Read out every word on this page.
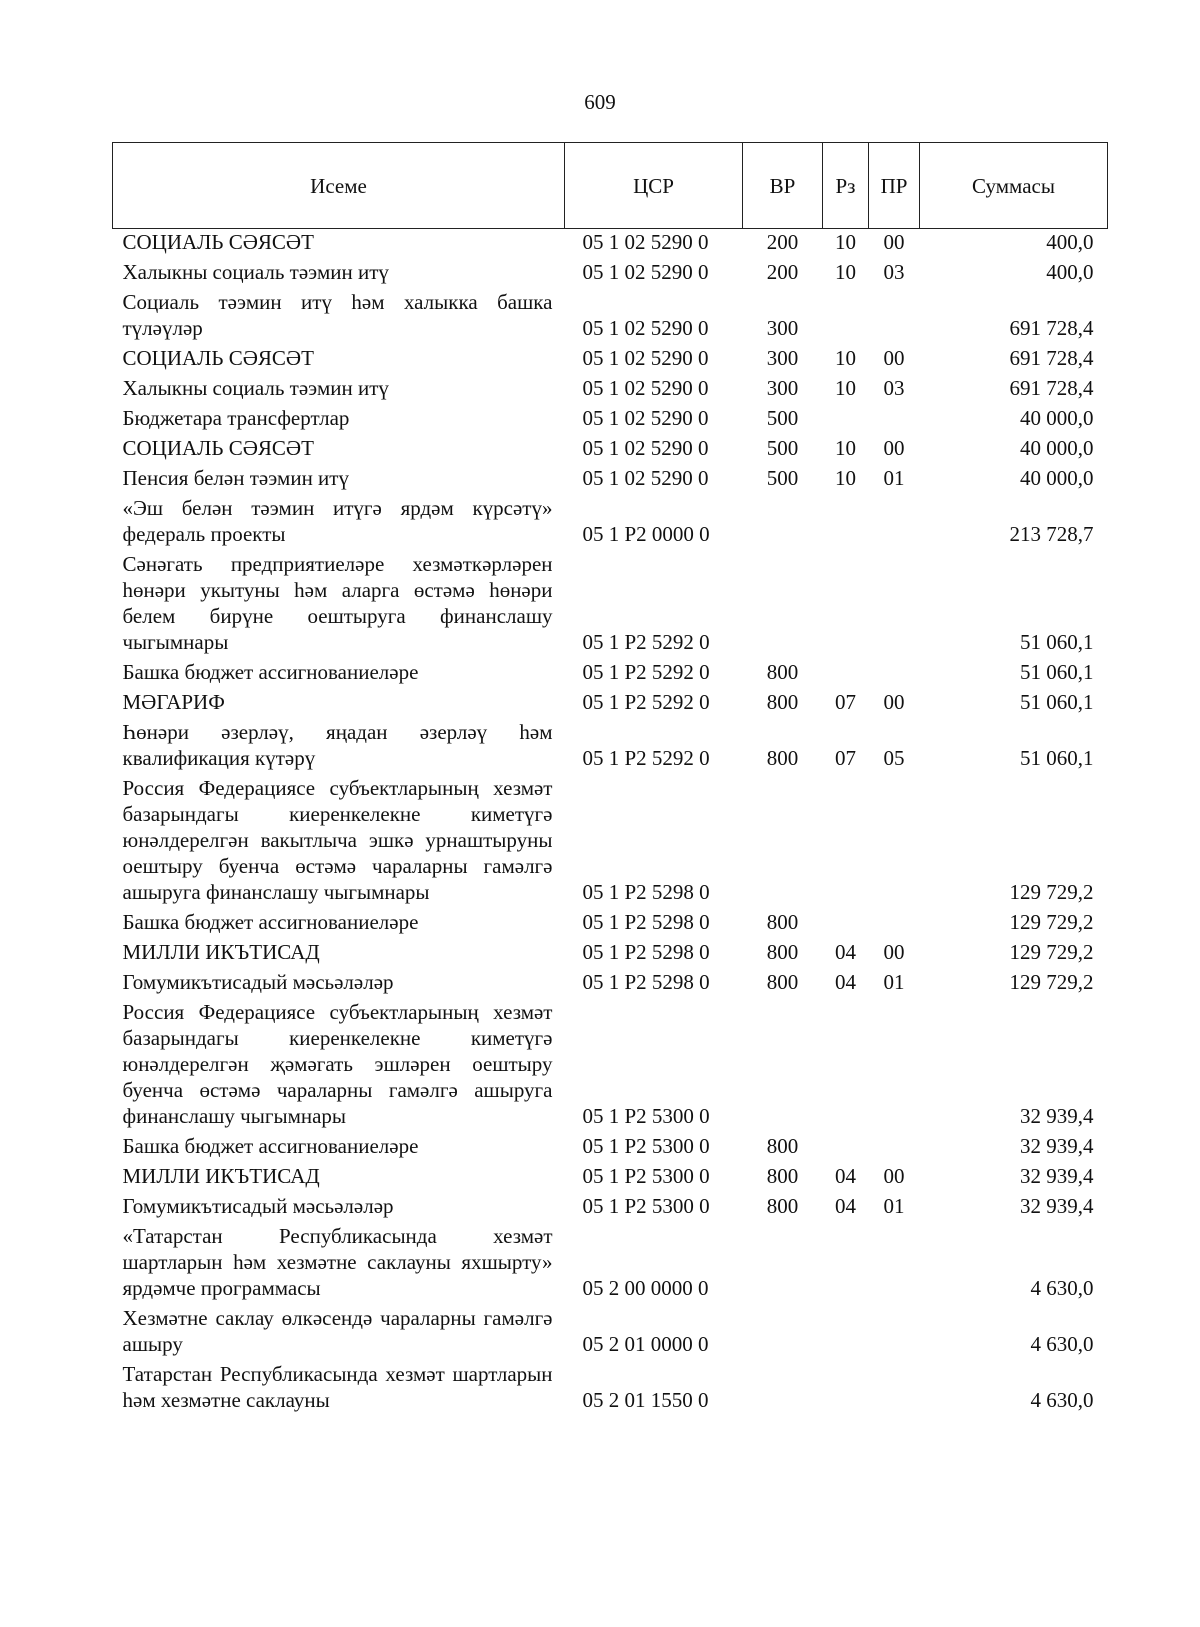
609
Исеме	ЦСР	ВР	Рз	ПР	Суммасы
СОЦИАЛЬ СӘЯСӘТ	05 1 02 5290 0	200	10	00	400,0
Халыкны социаль тәэмин итү	05 1 02 5290 0	200	10	03	400,0
Социаль тәэмин итү һәм халыкка башка түләүләр	05 1 02 5290 0	300			691 728,4
СОЦИАЛЬ СӘЯСӘТ	05 1 02 5290 0	300	10	00	691 728,4
Халыкны социаль тәэмин итү	05 1 02 5290 0	300	10	03	691 728,4
Бюджетара трансфертлар	05 1 02 5290 0	500			40 000,0
СОЦИАЛЬ СӘЯСӘТ	05 1 02 5290 0	500	10	00	40 000,0
Пенсия белән тәэмин итү	05 1 02 5290 0	500	10	01	40 000,0
«Эш белән тәэмин итүгә ярдәм күрсәтү» федераль проекты	05 1 P2 0000 0				213 728,7
Сәнәгать предприятиеләре хезмәткәрләрен һөнәри укытуны һәм аларга өстәмә һөнәри белем бирүне оештыруга финанслашу чыгымнары	05 1 P2 5292 0				51 060,1
Башка бюджет ассигнованиеләре	05 1 P2 5292 0	800			51 060,1
МӘГАРИФ	05 1 P2 5292 0	800	07	00	51 060,1
Һөнәри әзерләү, яңадан әзерләү һәм квалификация күтәрү	05 1 P2 5292 0	800	07	05	51 060,1
Россия Федерациясе субъектларының хезмәт базарындагы киеренкелекне киметүгә юнәлдерелгән вакытлыча эшкә урнаштыруны оештыру буенча өстәмә чараларны гамәлгә ашыруга финанслашу чыгымнары	05 1 P2 5298 0				129 729,2
Башка бюджет ассигнованиеләре	05 1 P2 5298 0	800			129 729,2
МИЛЛИ ИКЪТИСАД	05 1 P2 5298 0	800	04	00	129 729,2
Гомумикътисадый мәсьәләләр	05 1 P2 5298 0	800	04	01	129 729,2
Россия Федерациясе субъектларының хезмәт базарындагы киеренкелекне киметүгә юнәлдерелгән җәмәгать эшләрен оештыру буенча өстәмә чараларны гамәлгә ашыруга финанслашу чыгымнары	05 1 P2 5300 0				32 939,4
Башка бюджет ассигнованиеләре	05 1 P2 5300 0	800			32 939,4
МИЛЛИ ИКЪТИСАД	05 1 P2 5300 0	800	04	00	32 939,4
Гомумикътисадый мәсьәләләр	05 1 P2 5300 0	800	04	01	32 939,4
«Татарстан Республикасында хезмәт шартларын һәм хезмәтне саклауны яхшырту» ярдәмче программасы	05 2 00 0000 0				4 630,0
Хезмәтне саклау өлкәсендә чараларны гамәлгә ашыру	05 2 01 0000 0				4 630,0
Татарстан Республикасында хезмәт шартларын һәм хезмәтне саклауны	05 2 01 1550 0				4 630,0
